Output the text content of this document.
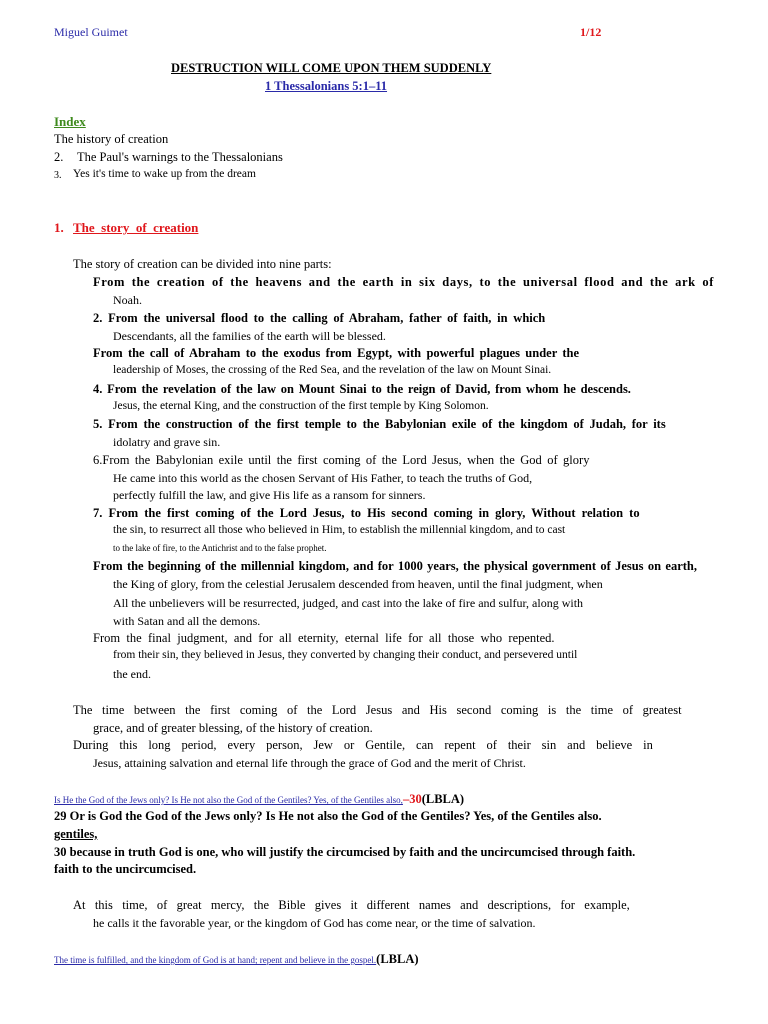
Miguel Guimet	1/12
DESTRUCTION WILL COME UPON THEM SUDDENLY
1 Thessalonians 5:1–11
Index
The history of creation
2. The Paul's warnings to the Thessalonians
3. Yes it's time to wake up from the dream
1. The  story  of  creation
The story of creation can be divided into nine parts:
From the creation of the heavens and the earth in six days, to the universal flood and the ark of
Noah.
2. From the universal flood to the calling of Abraham, father of faith, in which
Descendants, all the families of the earth will be blessed.
From the call of Abraham to the exodus from Egypt, with powerful plagues under the
leadership of Moses, the crossing of the Red Sea, and the revelation of the law on Mount Sinai.
4. From the revelation of the law on Mount Sinai to the reign of David, from whom he descends.
Jesus, the eternal King, and the construction of the first temple by King Solomon.
5. From the construction of the first temple to the Babylonian exile of the kingdom of Judah, for its
idolatry and grave sin.
6.From the Babylonian exile until the first coming of the Lord Jesus, when the God of glory
He came into this world as the chosen Servant of His Father, to teach the truths of God,
perfectly fulfill the law, and give His life as a ransom for sinners.
7. From the first coming of the Lord Jesus, to His second coming in glory, Without relation to
the sin, to resurrect all those who believed in Him, to establish the millennial kingdom, and to cast
to the lake of fire, to the Antichrist and to the false prophet.
From the beginning of the millennial kingdom, and for 1000 years, the physical government of Jesus on earth,
the King of glory, from the celestial Jerusalem descended from heaven, until the final judgment, when
All the unbelievers will be resurrected, judged, and cast into the lake of fire and sulfur, along with
with Satan and all the demons.
From the final judgment, and for all eternity, eternal life for all those who repented.
from their sin, they believed in Jesus, they converted by changing their conduct, and persevered until
the end.
The time between the first coming of the Lord Jesus and His second coming is the time of greatest
grace, and of greater blessing, of the history of creation.
During this long period, every person, Jew or Gentile, can repent of their sin and believe in
Jesus, attaining salvation and eternal life through the grace of God and the merit of Christ.
Is He the God of the Jews only? Is He not also the God of the Gentiles? Yes, of the Gentiles also,–30(LBLA)
29 Or is God the God of the Jews only? Is He not also the God of the Gentiles? Yes, of the Gentiles also.
gentiles,
30 because in truth God is one, who will justify the circumcised by faith and the uncircumcised through faith.
faith to the uncircumcised.
At this time, of great mercy, the Bible gives it different names and descriptions, for example,
he calls it the favorable year, or the kingdom of God has come near, or the time of salvation.
The time is fulfilled, and the kingdom of God is at hand; repent and believe in the gospel.(LBLA)
